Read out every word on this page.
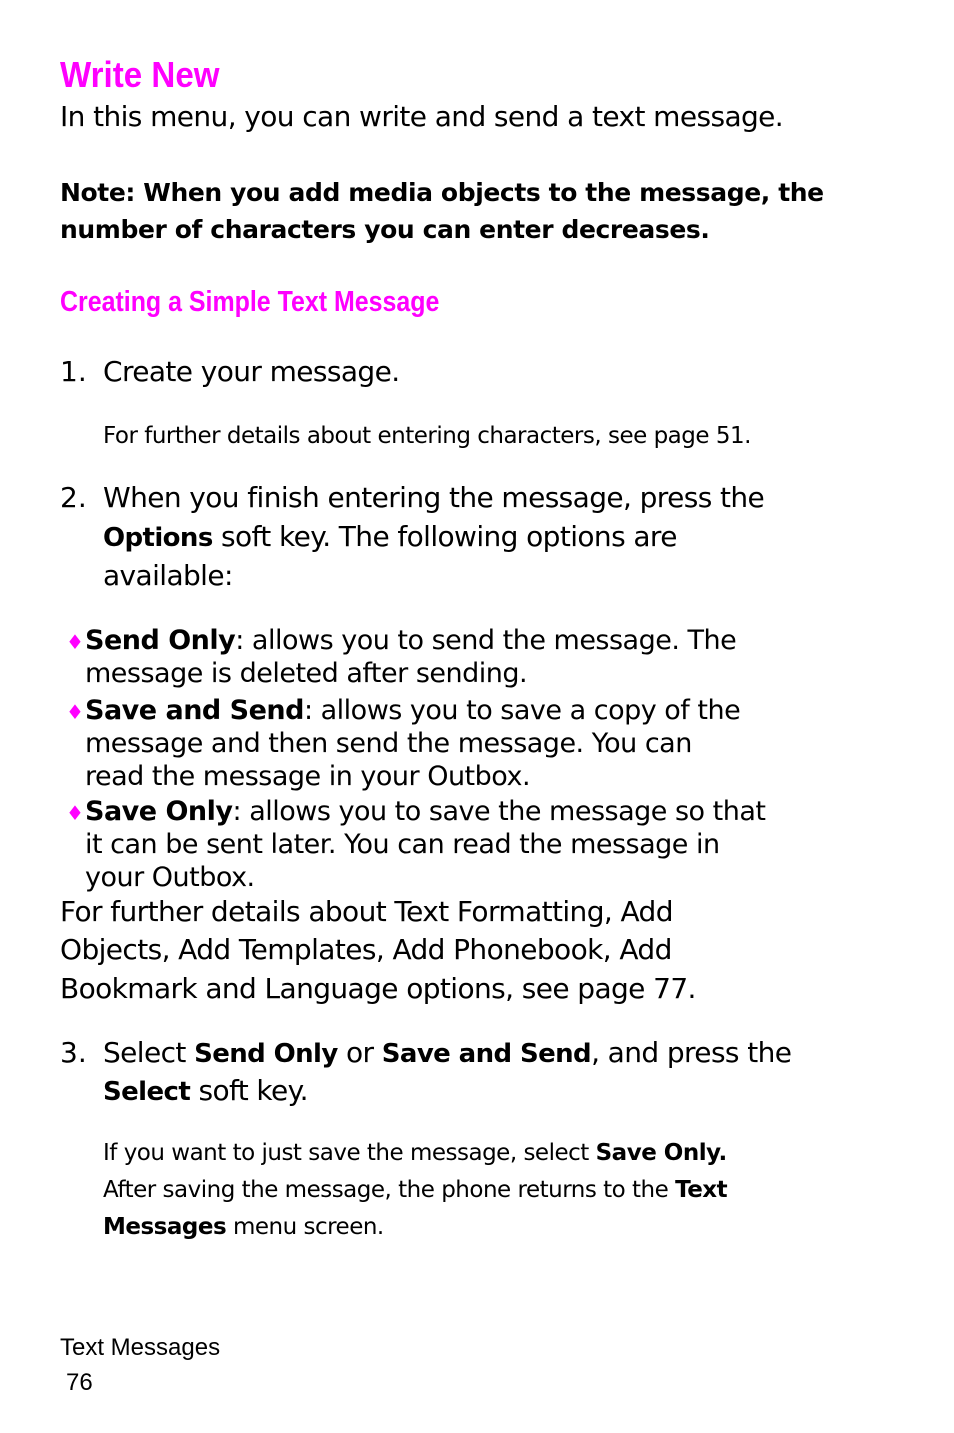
Write New
In this menu, you can write and send a text message.
Note: When you add media objects to the message, the
number of characters you can enter decreases.
Creating a Simple Text Message
1. Create your message.
For further details about entering characters, see page 51.
2. When you finish entering the message, press the
Options soft key. The following options are
available:
♦ Send Only: allows you to send the message. The
message is deleted after sending.
♦ Save and Send: allows you to save a copy of the
message and then send the message. You can
read the message in your Outbox.
♦ Save Only: allows you to save the message so that
it can be sent later. You can read the message in
your Outbox.
For further details about Text Formatting, Add
Objects, Add Templates, Add Phonebook, Add
Bookmark and Language options, see page 77.
3. Select Send Only or Save and Send, and press the
Select soft key.
If you want to just save the message, select Save Only.
After saving the message, the phone returns to the Text
Messages menu screen.
Text Messages
76
